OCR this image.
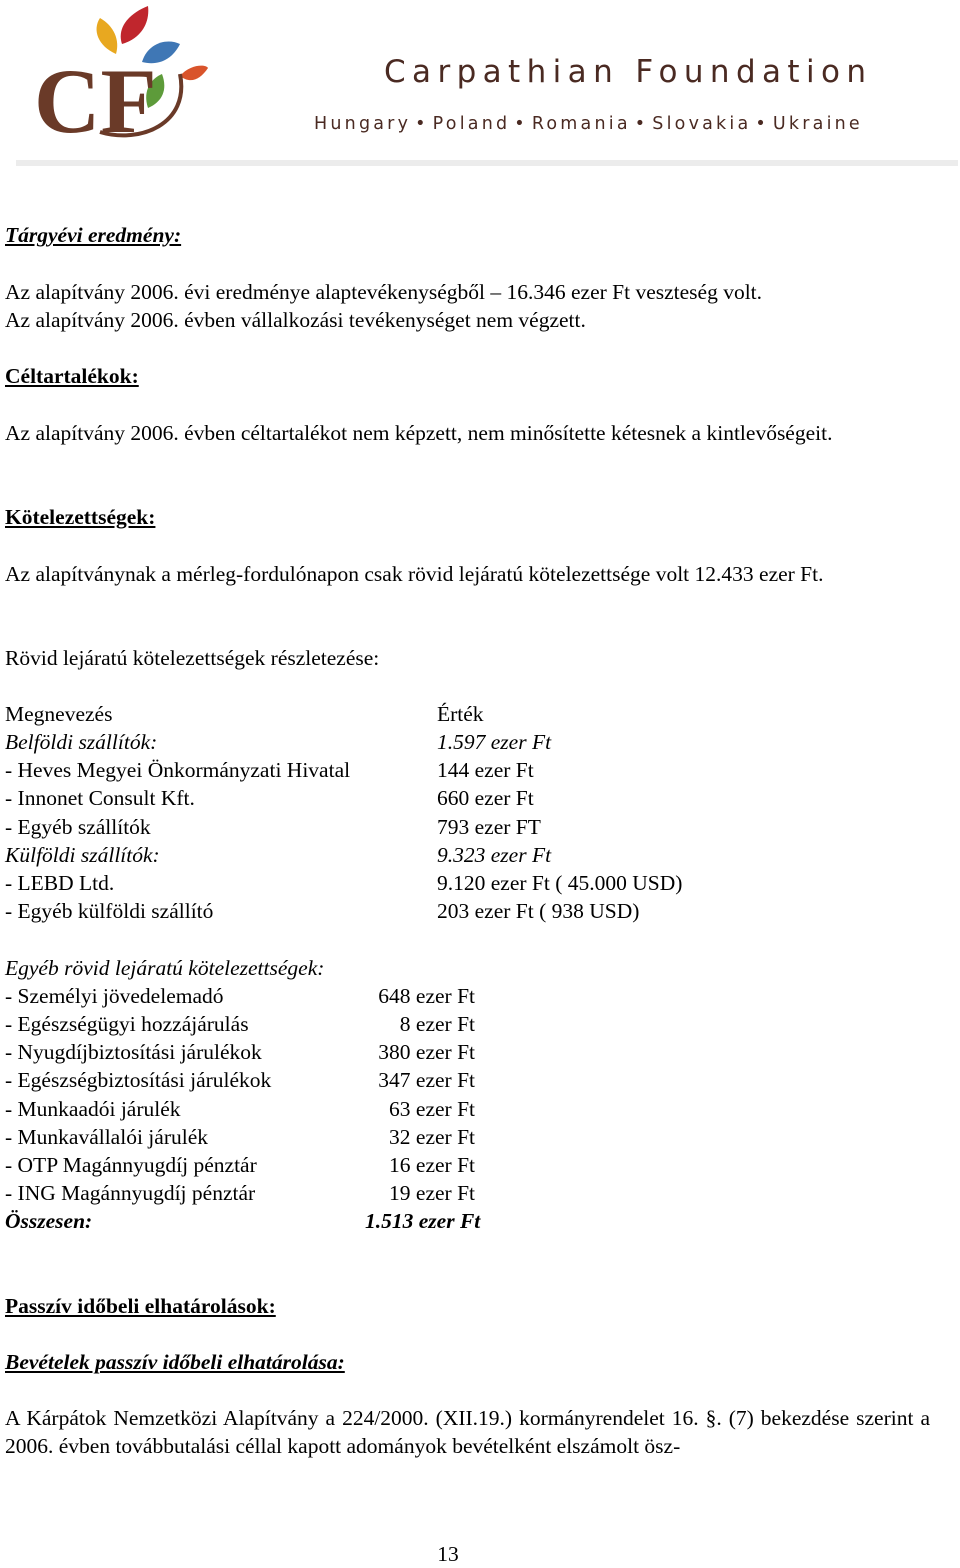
CF	Carpathian Foundation
Hungary • Poland • Romania • Slovakia • Ukraine
Tárgyévi eredmény:
Az alapítvány 2006. évi eredménye alaptevékenységből – 16.346 ezer Ft veszteség volt.
Az alapítvány 2006. évben vállalkozási tevékenységet nem végzett.
Céltartalékok:
Az alapítvány 2006. évben céltartalékot nem képzett, nem minősítette kétesnek a kintlevőségeit.
Kötelezettségek:
Az alapítványnak a mérleg-fordulónapon csak rövid lejáratú kötelezettsége volt 12.433 ezer Ft.
Rövid lejáratú kötelezettségek részletezése:
Megnevezés	Érték
Belföldi szállítók:	1.597 ezer Ft
- Heves Megyei Önkormányzati Hivatal	144 ezer Ft
- Innonet Consult Kft.	660 ezer Ft
- Egyéb szállítók	793 ezer FT
Külföldi szállítók:	9.323 ezer Ft
- LEBD Ltd.	9.120 ezer Ft ( 45.000 USD)
- Egyéb külföldi szállító	203 ezer Ft ( 938 USD)
Egyéb rövid lejáratú kötelezettségek:
- Személyi jövedelemadó	648 ezer Ft
- Egészségügyi hozzájárulás	8 ezer Ft
- Nyugdíjbiztosítási járulékok	380 ezer Ft
- Egészségbiztosítási járulékok	347 ezer Ft
- Munkaadói járulék	63 ezer Ft
- Munkavállalói járulék	32 ezer Ft
- OTP Magánnyugdíj pénztár	16 ezer Ft
- ING Magánnyugdíj pénztár	19 ezer Ft
Összesen:	1.513 ezer Ft
Passzív időbeli elhatárolások:
Bevételek passzív időbeli elhatárolása:
A Kárpátok Nemzetközi Alapítvány a 224/2000. (XII.19.) kormányrendelet 16. §. (7) bekezdése szerint a 2006. évben továbbutalási céllal kapott adományok bevételként elszámolt ösz-
13
